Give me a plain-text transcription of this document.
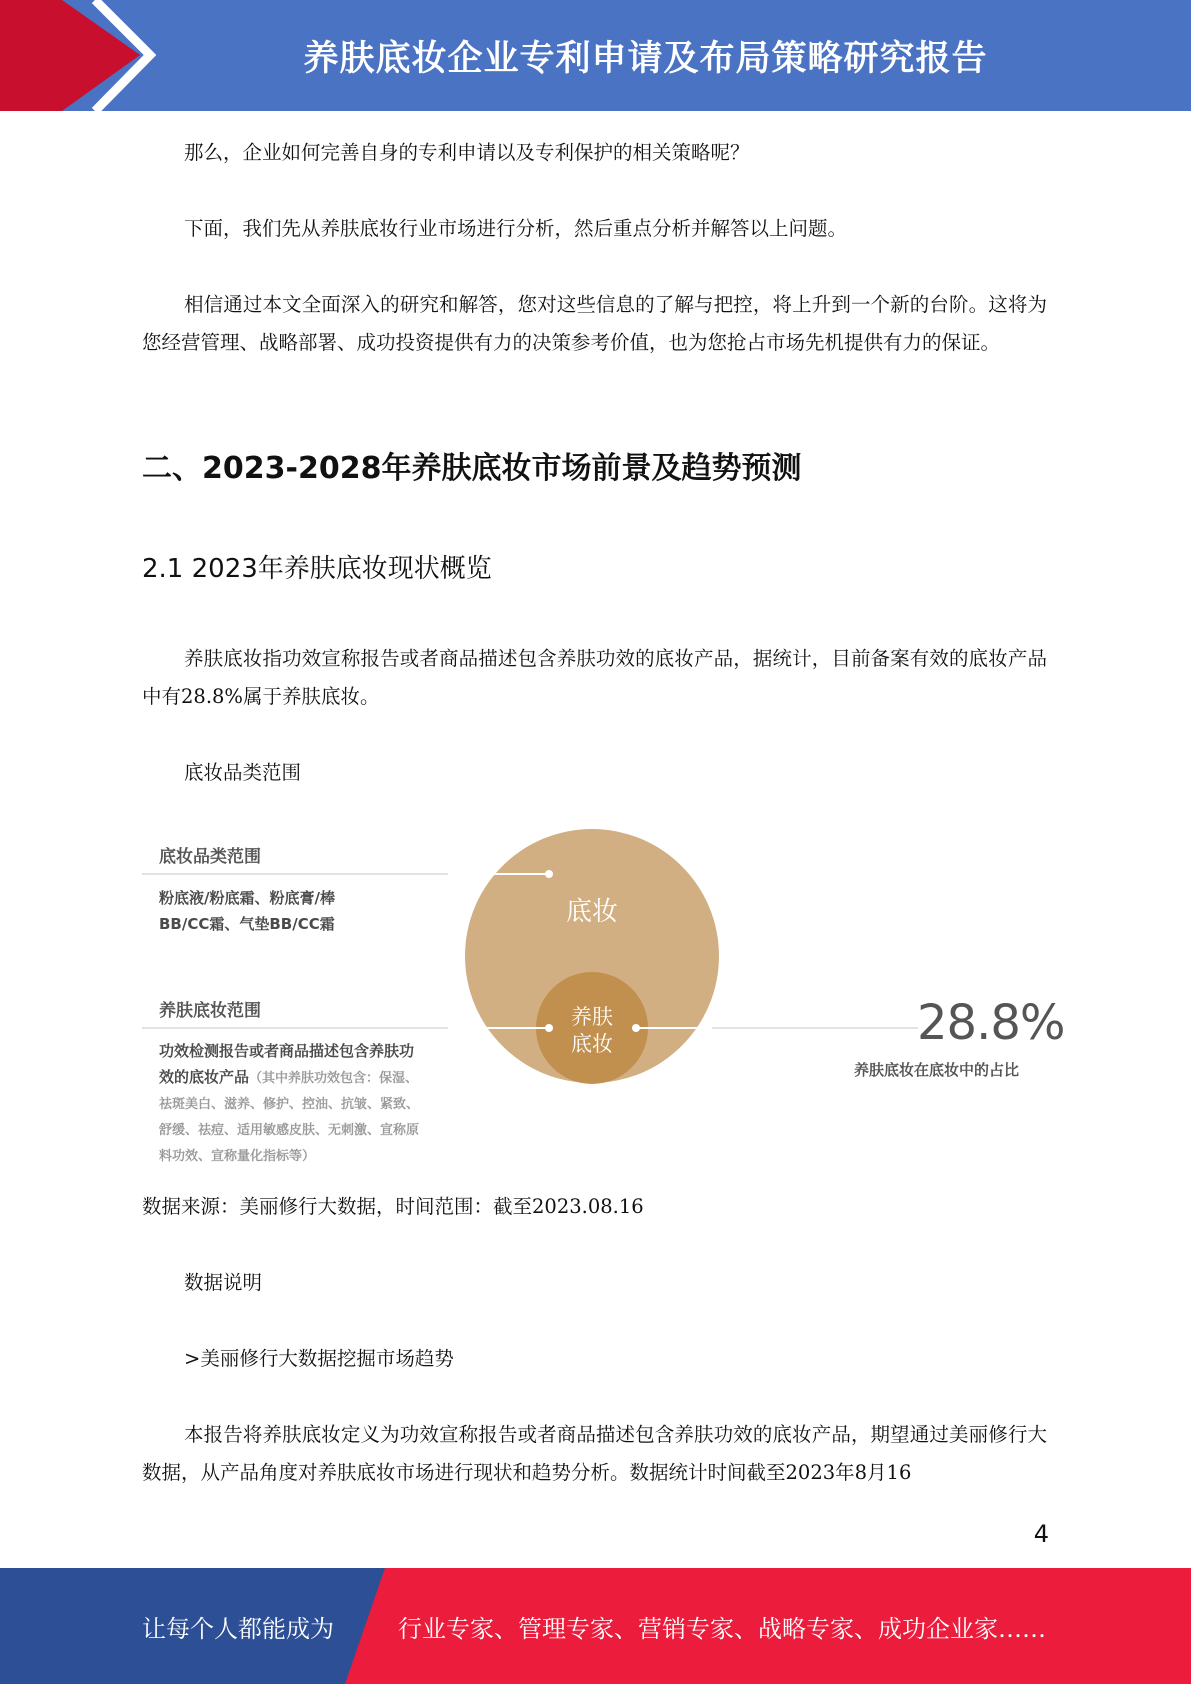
养肤底妆企业专利申请及布局策略研究报告
那么，企业如何完善自身的专利申请以及专利保护的相关策略呢？
下面，我们先从养肤底妆行业市场进行分析，然后重点分析并解答以上问题。
相信通过本文全面深入的研究和解答，您对这些信息的了解与把控，将上升到一个新的台阶。这将为您经营管理、战略部署、成功投资提供有力的决策参考价值，也为您抢占市场先机提供有力的保证。
二、2023-2028年养肤底妆市场前景及趋势预测
2.1 2023年养肤底妆现状概览
养肤底妆指功效宣称报告或者商品描述包含养肤功效的底妆产品，据统计，目前备案有效的底妆产品中有28.8%属于养肤底妆。
底妆品类范围
底妆
养肤
底妆
底妆品类范围
粉底液/粉底霜、粉底膏/棒
BB/CC霜、气垫BB/CC霜
养肤底妆范围
功效检测报告或者商品描述包含养肤功
效的底妆产品（其中养肤功效包含：保湿、
祛斑美白、滋养、修护、控油、抗皱、紧致、
舒缓、祛痘、适用敏感皮肤、无刺激、宣称原
料功效、宣称量化指标等）
28.8%
养肤底妆在底妆中的占比
数据来源：美丽修行大数据，时间范围：截至2023.08.16
数据说明
>美丽修行大数据挖掘市场趋势
本报告将养肤底妆定义为功效宣称报告或者商品描述包含养肤功效的底妆产品，期望通过美丽修行大数据，从产品角度对养肤底妆市场进行现状和趋势分析。数据统计时间截至2023年8月16
4
让每个人都能成为	行业专家、管理专家、营销专家、战略专家、成功企业家……
